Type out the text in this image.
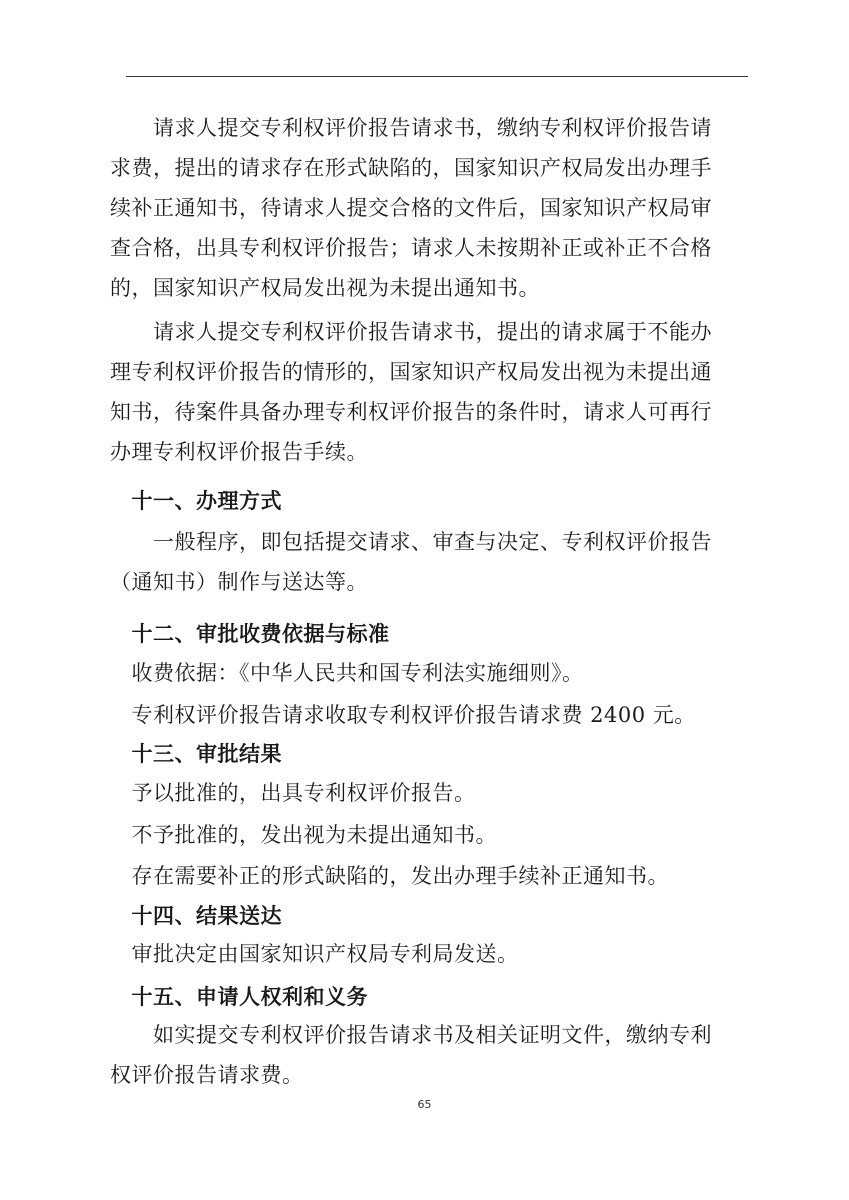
　　请求人提交专利权评价报告请求书，缴纳专利权评价报告请
求费，提出的请求存在形式缺陷的，国家知识产权局发出办理手
续补正通知书，待请求人提交合格的文件后，国家知识产权局审
查合格，出具专利权评价报告；请求人未按期补正或补正不合格
的，国家知识产权局发出视为未提出通知书。
　　请求人提交专利权评价报告请求书，提出的请求属于不能办
理专利权评价报告的情形的，国家知识产权局发出视为未提出通
知书，待案件具备办理专利权评价报告的条件时，请求人可再行
办理专利权评价报告手续。
　十一、办理方式
　　一般程序，即包括提交请求、审查与决定、专利权评价报告
（通知书）制作与送达等。
　十二、审批收费依据与标准
　收费依据：《中华人民共和国专利法实施细则》。
　专利权评价报告请求收取专利权评价报告请求费 2400 元。
　十三、审批结果
　予以批准的，出具专利权评价报告。
　不予批准的，发出视为未提出通知书。
　存在需要补正的形式缺陷的，发出办理手续补正通知书。
　十四、结果送达
　审批决定由国家知识产权局专利局发送。
　十五、申请人权利和义务
　　如实提交专利权评价报告请求书及相关证明文件，缴纳专利
权评价报告请求费。
65
